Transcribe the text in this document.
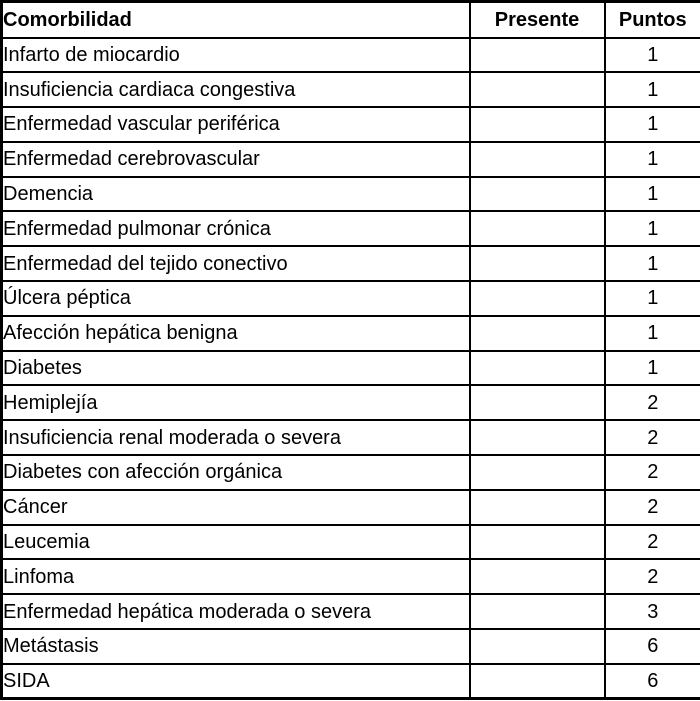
Comorbilidad	Presente	Puntos
Infarto de miocardio		1
Insuficiencia cardiaca congestiva		1
Enfermedad vascular periférica		1
Enfermedad cerebrovascular		1
Demencia		1
Enfermedad pulmonar crónica		1
Enfermedad del tejido conectivo		1
Úlcera péptica		1
Afección hepática benigna		1
Diabetes		1
Hemiplejía		2
Insuficiencia renal moderada o severa		2
Diabetes con afección orgánica		2
Cáncer		2
Leucemia		2
Linfoma		2
Enfermedad hepática moderada o severa		3
Metástasis		6
SIDA		6
